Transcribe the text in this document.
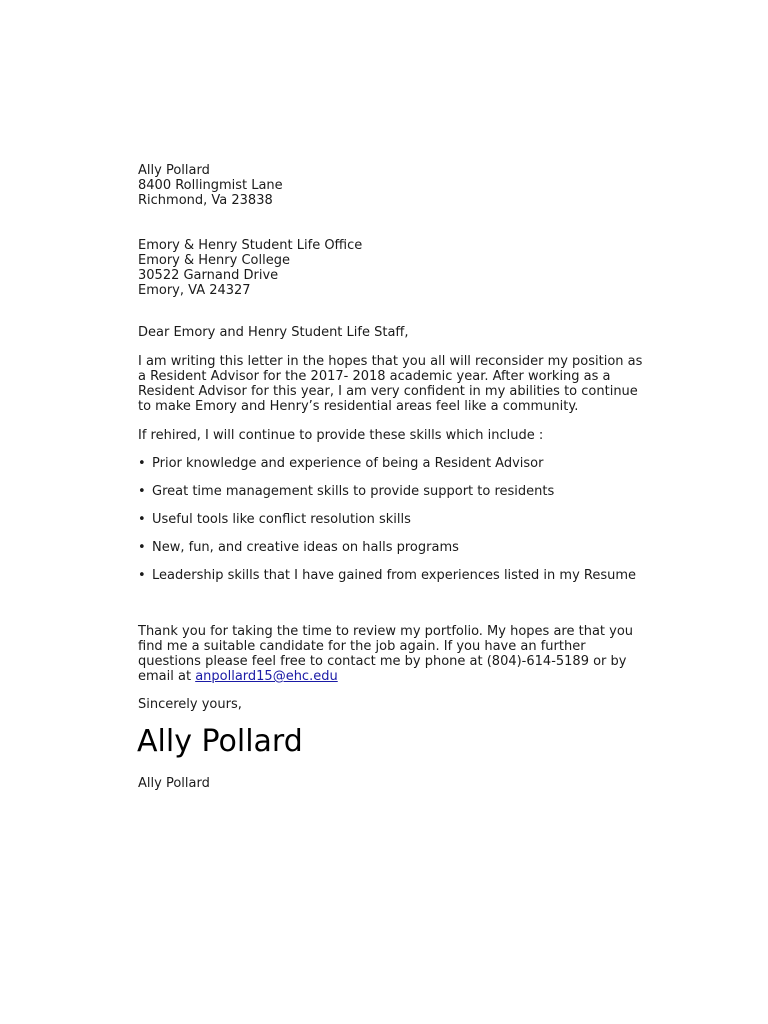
Ally Pollard
8400 Rollingmist Lane
Richmond, Va 23838
Emory & Henry Student Life Office
Emory & Henry College
30522 Garnand Drive
Emory, VA 24327
Dear Emory and Henry Student Life Staff,
I am writing this letter in the hopes that you all will reconsider my position as
a Resident Advisor for the 2017- 2018 academic year. After working as a
Resident Advisor for this year, I am very confident in my abilities to continue
to make Emory and Henry’s residential areas feel like a community.
If rehired, I will continue to provide these skills which include :
• Prior knowledge and experience of being a Resident Advisor
• Great time management skills to provide support to residents
• Useful tools like conflict resolution skills
• New, fun, and creative ideas on halls programs
• Leadership skills that I have gained from experiences listed in my Resume
Thank you for taking the time to review my portfolio. My hopes are that you
find me a suitable candidate for the job again. If you have an further
questions please feel free to contact me by phone at (804)-614-5189 or by
email at anpollard15@ehc.edu
Sincerely yours,
Ally Pollard
Ally Pollard
